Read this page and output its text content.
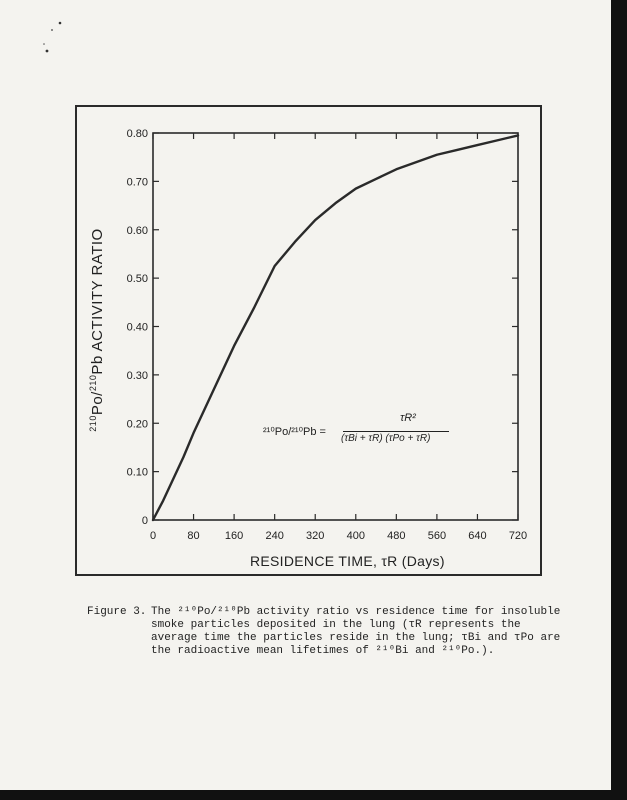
0	80 160 240 320 400 480 560 640 720
0
0.10
0.20
0.30
0.40
0.50
0.60
0.70
0.80
$^{210}$Po/$^{210}$Pb ACTIVITY RATIO
RESIDENCE TIME, τR (Days)
²¹⁰Po/²¹⁰Pb =
τR²
(τBi + τR) (τPo + τR)
Figure 3. The ²¹⁰Po/²¹⁰Pb activity ratio vs residence time for insoluble smoke particles deposited in the lung (τR represents the average time the particles reside in the lung; τBi and τPo are the radioactive mean lifetimes of ²¹⁰Bi and ²¹⁰Po.).
